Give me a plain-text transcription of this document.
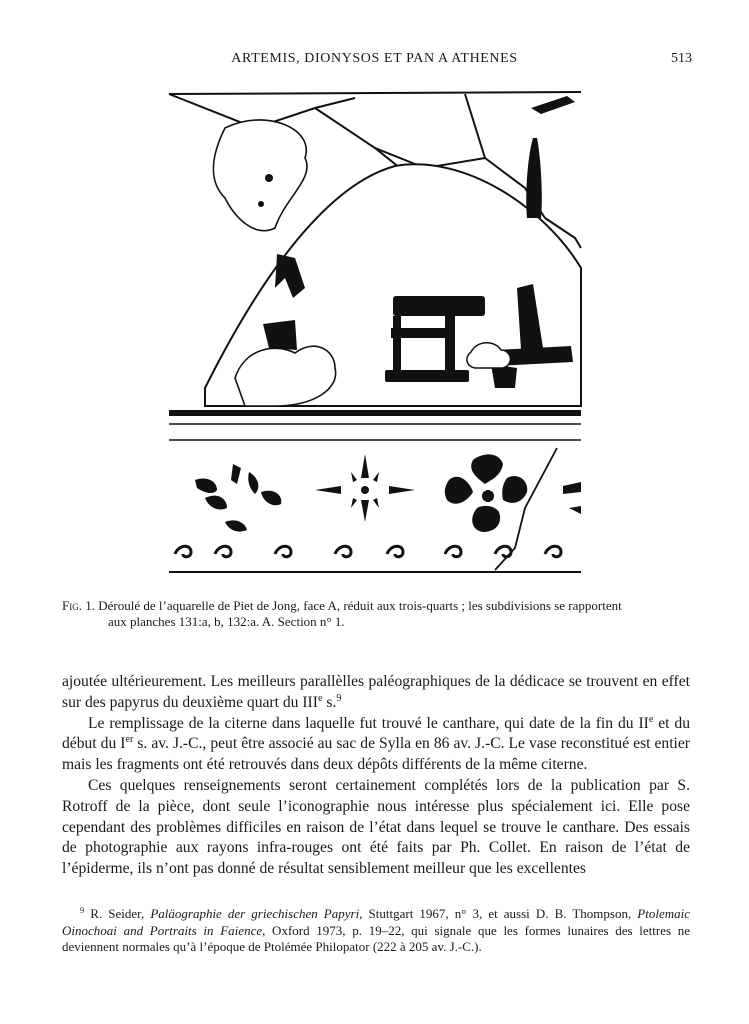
ARTEMIS, DIONYSOS ET PAN A ATHENES	513
Fig. 1. Déroulé de l’aquarelle de Piet de Jong, face A, réduit aux trois-quarts ; les subdivisions se rapportent
aux planches 131:a, b, 132:a. A. Section n° 1.

ajoutée ultérieurement. Les meilleurs parallèlles paléographiques de la dédicace se trouvent en effet sur des papyrus du deuxième quart du IIIe s.$^9$

Le remplissage de la citerne dans laquelle fut trouvé le canthare, qui date de la fin du IIe et du début du Ier s. av. J.-C., peut être associé au sac de Sylla en 86 av. J.-C. Le vase reconstitué est entier mais les fragments ont été retrouvés dans deux dépôts différents de la même citerne.

Ces quelques renseignements seront certainement complétés lors de la publication par S. Rotroff de la pièce, dont seule l’iconographie nous intéresse plus spécialement ici. Elle pose cependant des problèmes difficiles en raison de l’état dans lequel se trouve le canthare. Des essais de photographie aux rayons infra-rouges ont été faits par Ph. Collet. En raison de l’état de l’épiderme, ils n’ont pas donné de résultat sensiblement meilleur que les excellentes

$^9$ R. Seider, Paläographie der griechischen Papyri, Stuttgart 1967, n° 3, et aussi D. B. Thompson, Ptolemaic Oinochoai and Portraits in Faience, Oxford 1973, p. 19–22, qui signale que les formes lunaires des lettres ne deviennent normales qu’à l’époque de Ptolémée Philopator (222 à 205 av. J.-C.).
